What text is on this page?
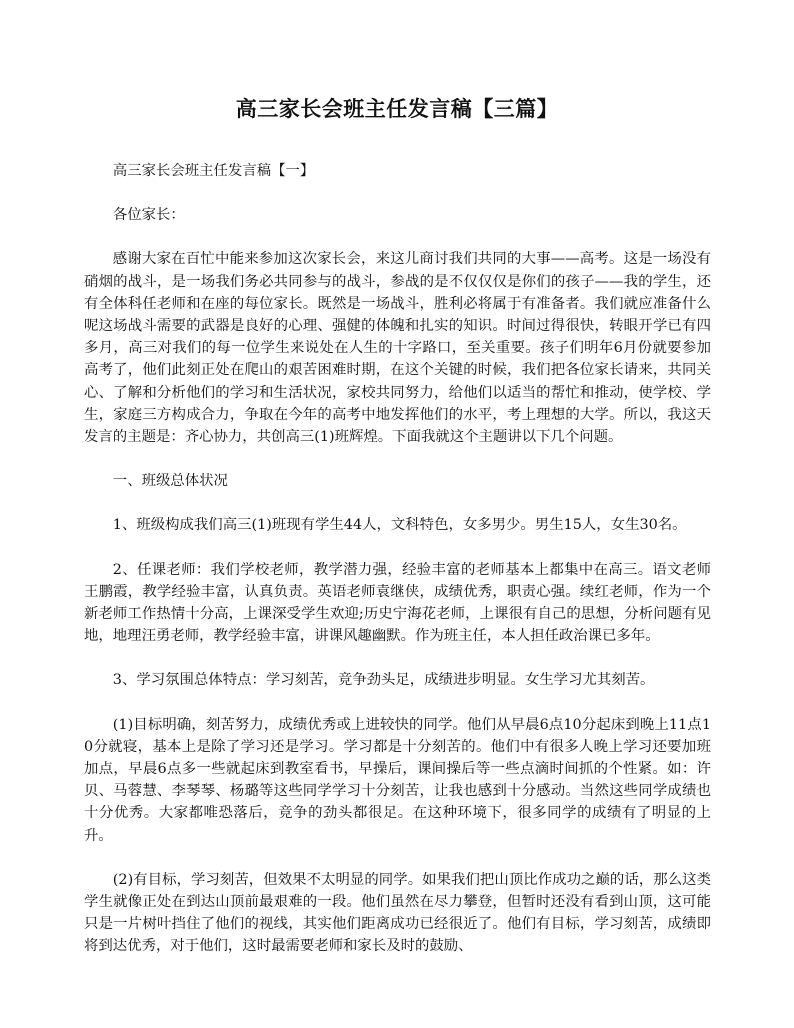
高三家长会班主任发言稿【三篇】

高三家长会班主任发言稿【一】

各位家长：

感谢大家在百忙中能来参加这次家长会，来这儿商讨我们共同的大事——高考。这是一场没有硝烟的战斗，是一场我们务必共同参与的战斗，参战的是不仅仅仅是你们的孩子——我的学生，还有全体科任老师和在座的每位家长。既然是一场战斗，胜利必将属于有准备者。我们就应准备什么呢这场战斗需要的武器是良好的心理、强健的体魄和扎实的知识。时间过得很快，转眼开学已有四多月，高三对我们的每一位学生来说处在人生的十字路口，至关重要。孩子们明年6月份就要参加高考了，他们此刻正处在爬山的艰苦困难时期，在这个关键的时候，我们把各位家长请来，共同关心、了解和分析他们的学习和生活状况，家校共同努力，给他们以适当的帮忙和推动，使学校、学生，家庭三方构成合力，争取在今年的高考中地发挥他们的水平，考上理想的大学。所以，我这天发言的主题是：齐心协力，共创高三(1)班辉煌。下面我就这个主题讲以下几个问题。

一、班级总体状况

1、班级构成我们高三(1)班现有学生44人，文科特色，女多男少。男生15人，女生30名。

2、任课老师：我们学校老师，教学潜力强，经验丰富的老师基本上都集中在高三。语文老师王鹏霞，教学经验丰富，认真负责。英语老师袁继侠，成绩优秀，职责心强。续红老师，作为一个新老师工作热情十分高，上课深受学生欢迎;历史宁海花老师，上课很有自己的思想，分析问题有见地，地理汪勇老师，教学经验丰富，讲课风趣幽默。作为班主任，本人担任政治课已多年。

3、学习氛围总体特点：学习刻苦，竞争劲头足，成绩进步明显。女生学习尤其刻苦。

(1)目标明确，刻苦努力，成绩优秀或上进较快的同学。他们从早晨6点10分起床到晚上11点10分就寝，基本上是除了学习还是学习。学习都是十分刻苦的。他们中有很多人晚上学习还要加班加点，早晨6点多一些就起床到教室看书，早操后，课间操后等一些点滴时间抓的个性紧。如：许贝、马蓉慧、李琴琴、杨璐等这些同学学习十分刻苦，让我也感到十分感动。当然这些同学成绩也十分优秀。大家都唯恐落后，竞争的劲头都很足。在这种环境下，很多同学的成绩有了明显的上升。

(2)有目标，学习刻苦，但效果不太明显的同学。如果我们把山顶比作成功之巅的话，那么这类学生就像正处在到达山顶前最艰难的一段。他们虽然在尽力攀登，但暂时还没有看到山顶，这可能只是一片树叶挡住了他们的视线，其实他们距离成功已经很近了。他们有目标，学习刻苦，成绩即将到达优秀，对于他们，这时最需要老师和家长及时的鼓励、
